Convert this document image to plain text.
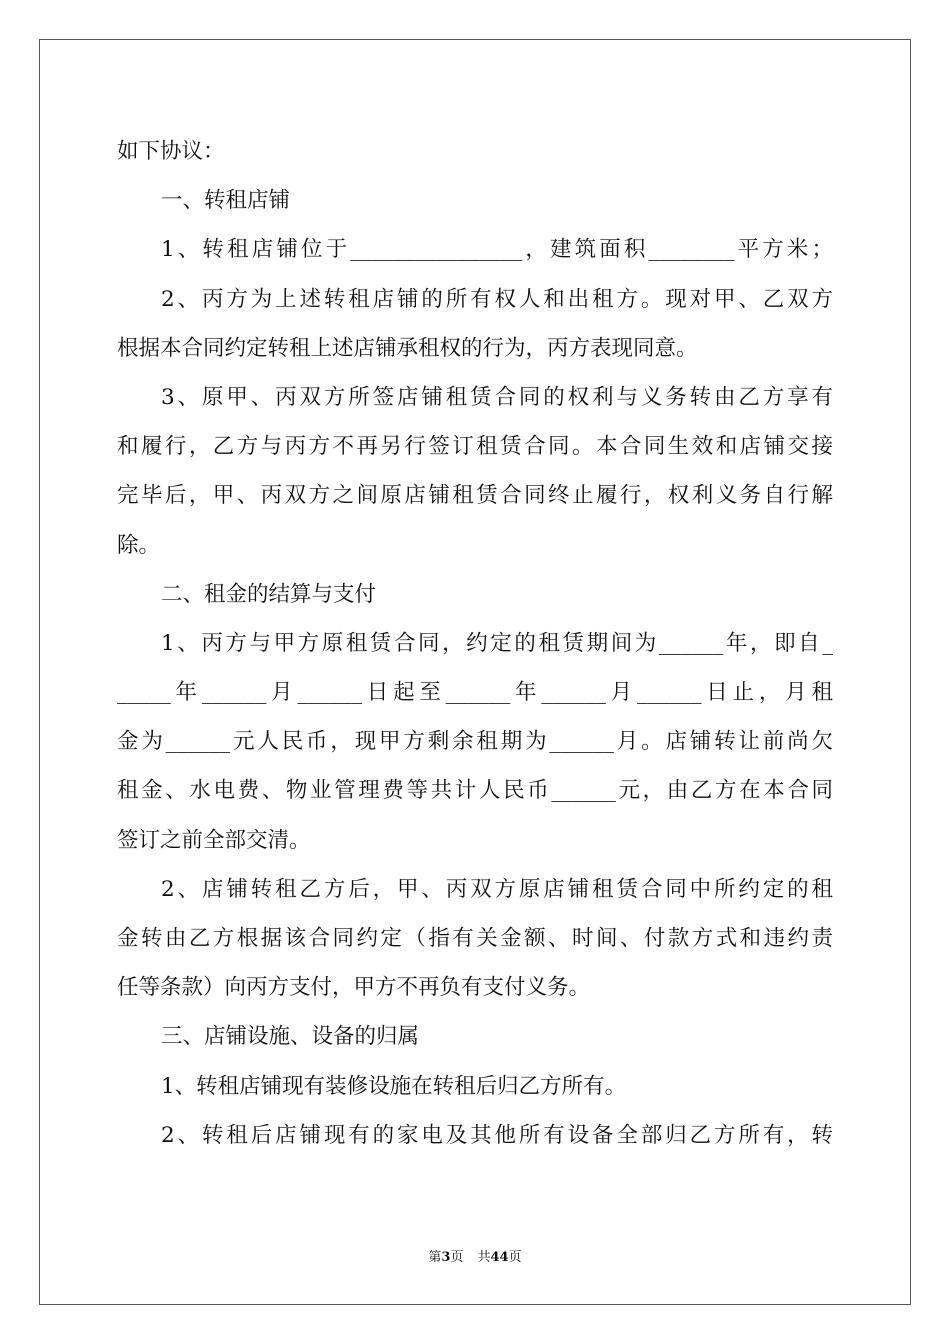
如下协议：
一、转租店铺
1、转租店铺位于________________，建筑面积________平方米；
2、丙方为上述转租店铺的所有权人和出租方。现对甲、乙双方
根据本合同约定转租上述店铺承租权的行为，丙方表现同意。
3、原甲、丙双方所签店铺租赁合同的权利与义务转由乙方享有
和履行，乙方与丙方不再另行签订租赁合同。本合同生效和店铺交接
完毕后，甲、丙双方之间原店铺租赁合同终止履行，权利义务自行解
除。
二、租金的结算与支付
1、丙方与甲方原租赁合同，约定的租赁期间为______年，即自_
_____年______月______日起至______年______月______日止，月租
金为______元人民币，现甲方剩余租期为______月。店铺转让前尚欠
租金、水电费、物业管理费等共计人民币______元，由乙方在本合同
签订之前全部交清。
2、店铺转租乙方后，甲、丙双方原店铺租赁合同中所约定的租
金转由乙方根据该合同约定（指有关金额、时间、付款方式和违约责
任等条款）向丙方支付，甲方不再负有支付义务。
三、店铺设施、设备的归属
1、转租店铺现有装修设施在转租后归乙方所有。
2、转租后店铺现有的家电及其他所有设备全部归乙方所有，转
第3页 共44页
